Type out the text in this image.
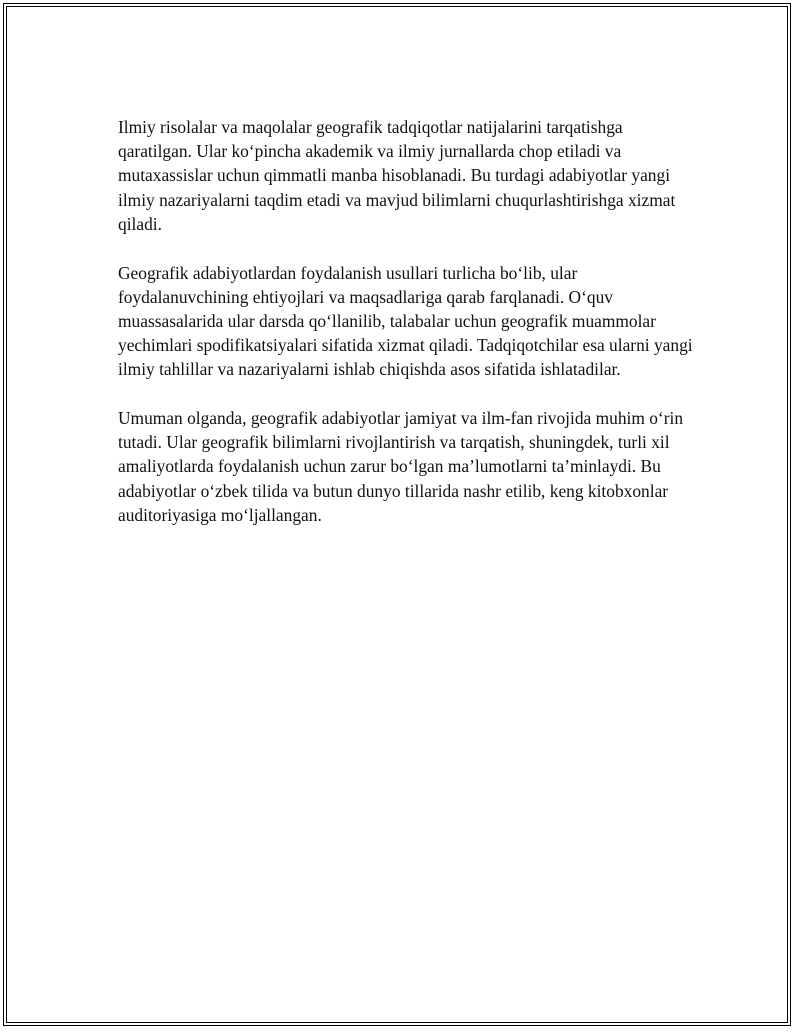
Ilmiy risolalar va maqolalar geografik tadqiqotlar natijalarini tarqatishga qaratilgan. Ular koʻpincha akademik va ilmiy jurnallarda chop etiladi va mutaxassislar uchun qimmatli manba hisoblanadi. Bu turdagi adabiyotlar yangi ilmiy nazariyalarni taqdim etadi va mavjud bilimlarni chuqurlashtirishga xizmat qiladi.

Geografik adabiyotlardan foydalanish usullari turlicha boʻlib, ular foydalanuvchining ehtiyojlari va maqsadlariga qarab farqlanadi. Oʻquv muassasalarida ular darsda qoʻllanilib, talabalar uchun geografik muammolar yechimlari spodifikatsiyalari sifatida xizmat qiladi. Tadqiqotchilar esa ularni yangi ilmiy tahlillar va nazariyalarni ishlab chiqishda asos sifatida ishlatadilar.

Umuman olganda, geografik adabiyotlar jamiyat va ilm-fan rivojida muhim oʻrin tutadi. Ular geografik bilimlarni rivojlantirish va tarqatish, shuningdek, turli xil amaliyotlarda foydalanish uchun zarur boʻlgan ma’lumotlarni ta’minlaydi. Bu adabiyotlar oʻzbek tilida va butun dunyo tillarida nashr etilib, keng kitobxonlar auditoriyasiga moʻljallangan.
